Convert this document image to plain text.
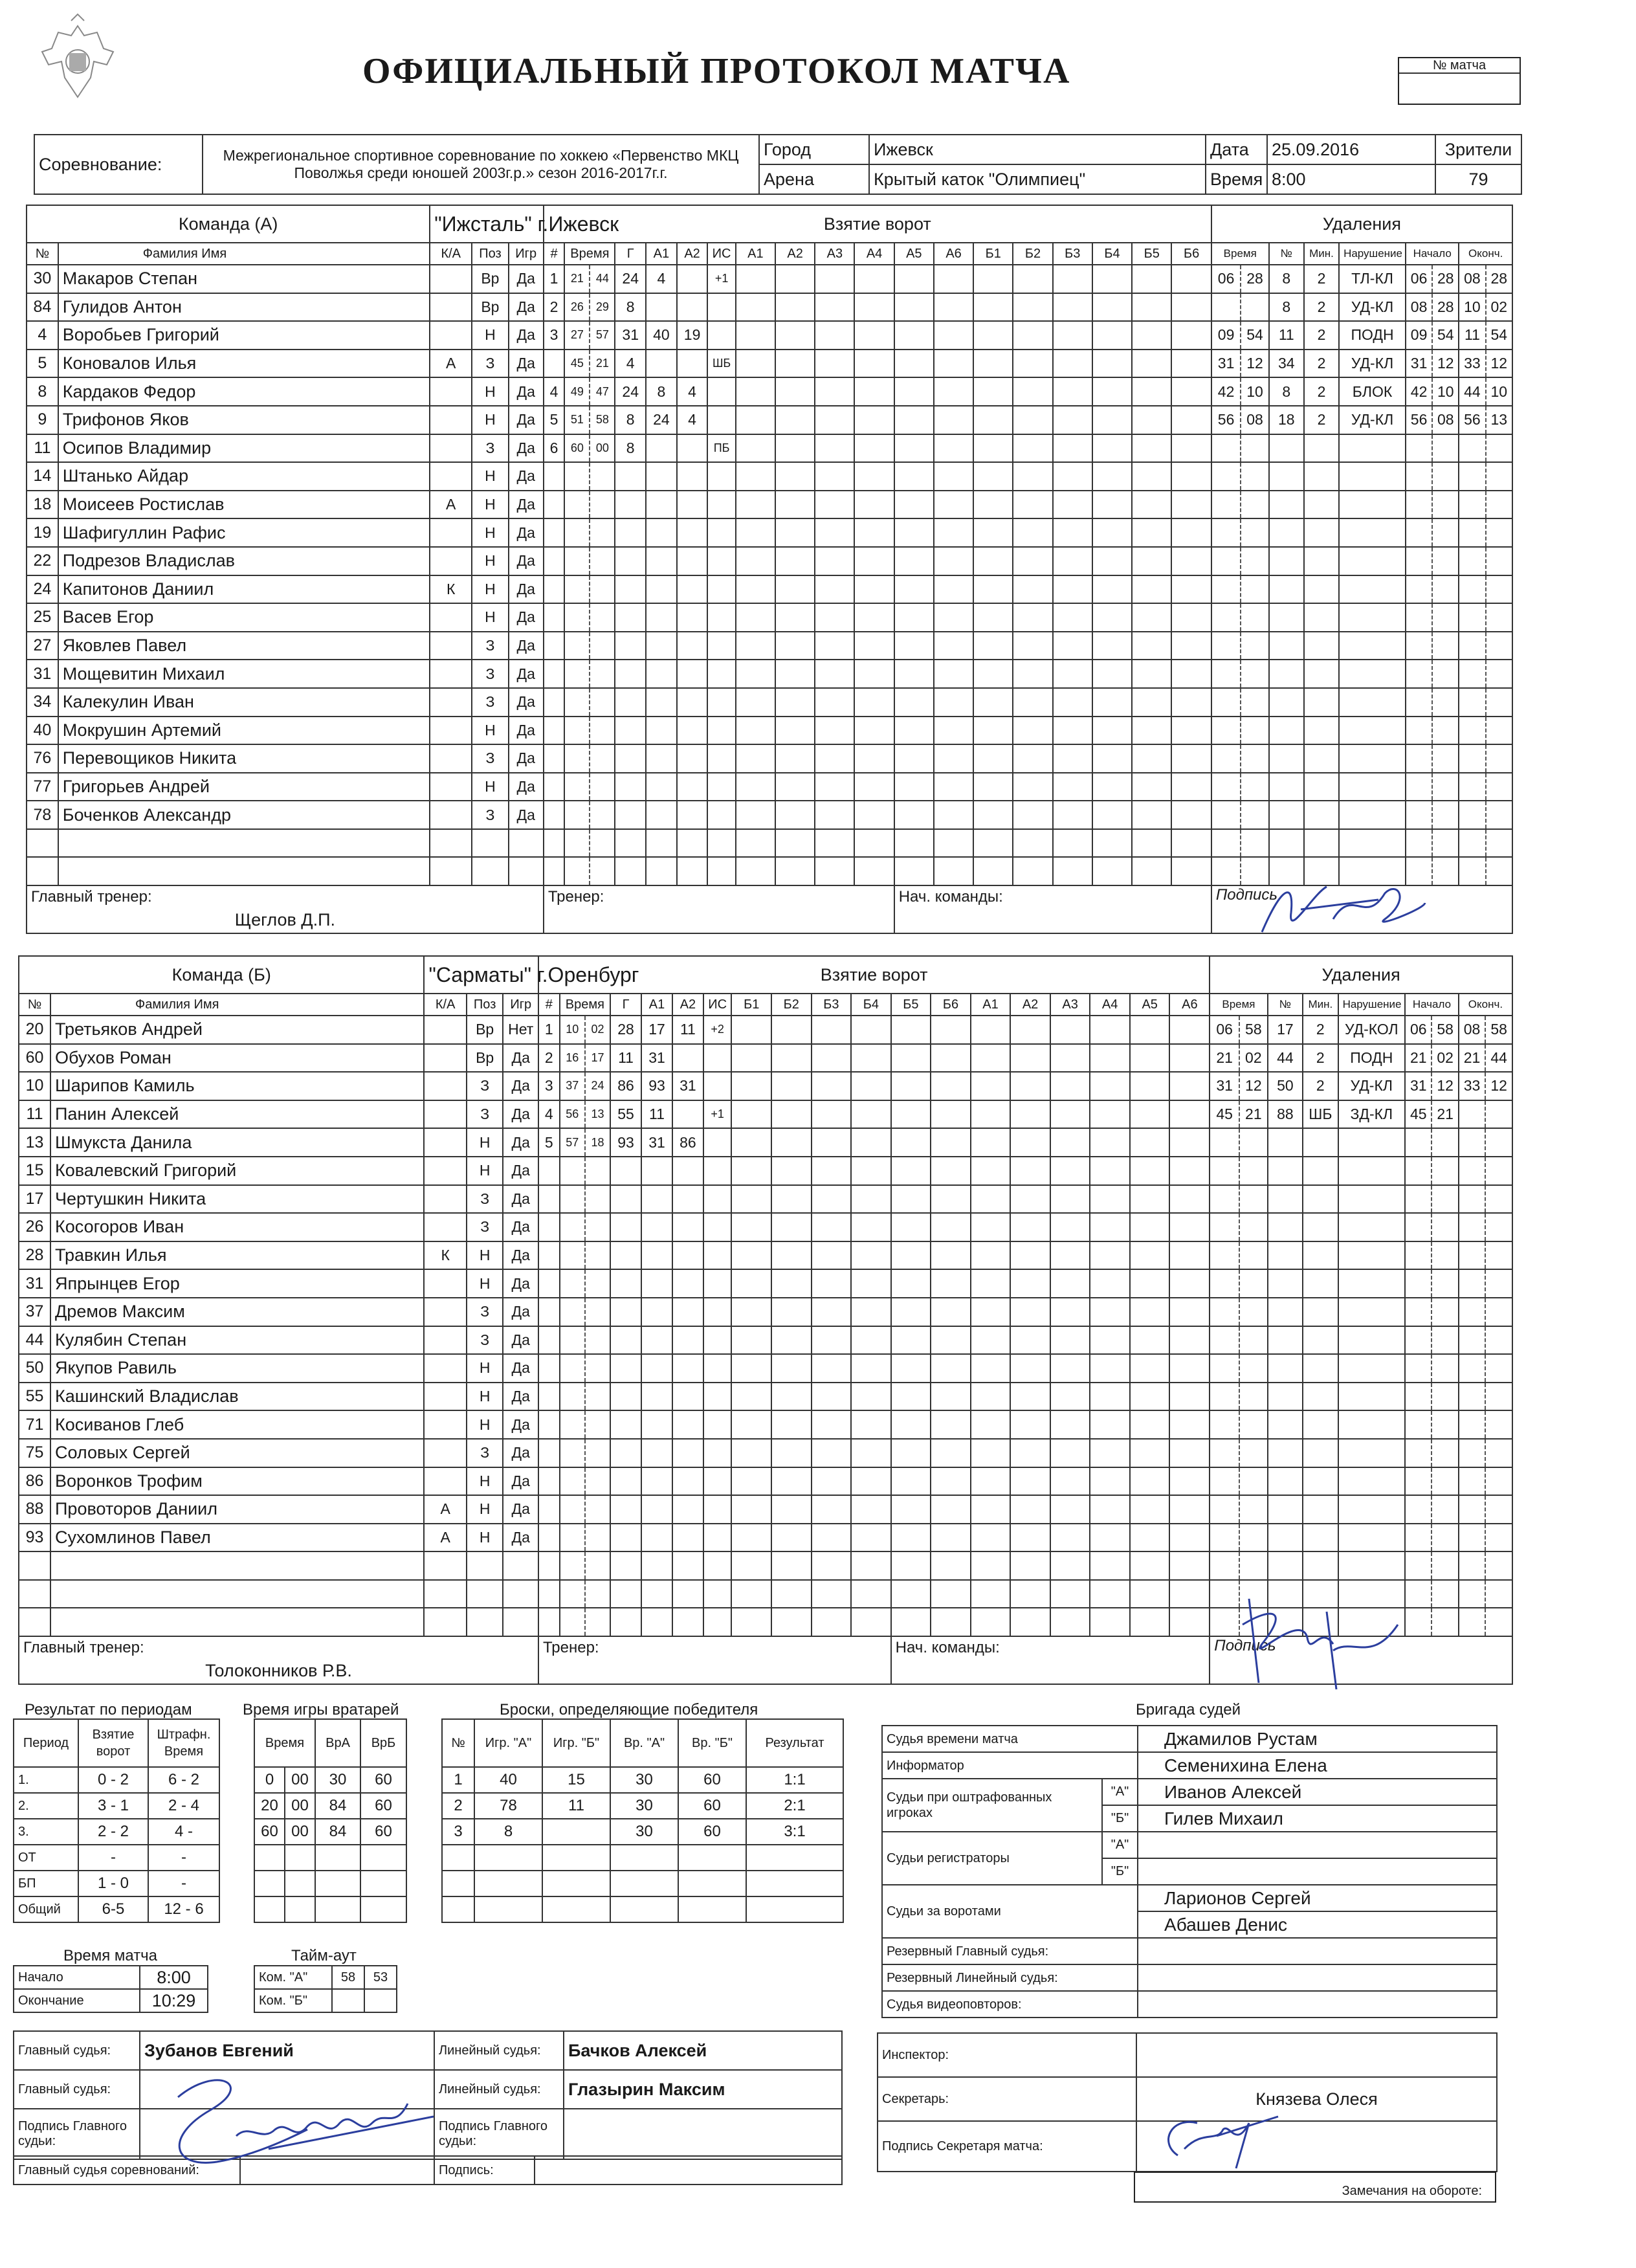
ОФИЦИАЛЬНЫЙ ПРОТОКОЛ МАТЧА	№ матча
Соревнование:	Межрегиональное спортивное соревнование по хоккею «Первенство МКЦ Поволжья среди юношей 2003г.р.» сезон 2016-2017г.г.	Город	Ижевск	Дата	25.09.2016	Зрители
		Арена	Крытый каток "Олимпиец"	Время	8:00	79
Команда (А)		"Ижсталь" г.Ижевск			Взятие ворот																			Удаления								
№	Фамилия Имя	К/А	Поз	Игр	#	Время		Г	А1	А2	ИС	А1	А2	А3	А4	А5	А6	Б1	Б2	Б3	Б4	Б5	Б6	Время		№	Мин.	Нарушение	Начало		Оконч.	
30	Макаров Степан		Вр	Да	1	21	44	24	4		+1													06	28	8	2	ТЛ-КЛ	06	28	08	28
84	Гулидов Антон		Вр	Да	2	26	29	8																		8	2	УД-КЛ	08	28	10	02
4	Воробьев Григорий		Н	Да	3	27	57	31	40	19														09	54	11	2	ПОДН	09	54	11	54
5	Коновалов Илья	А	З	Да		45	21	4			ШБ													31	12	34	2	УД-КЛ	31	12	33	12
8	Кардаков Федор		Н	Да	4	49	47	24	8	4														42	10	8	2	БЛОК	42	10	44	10
9	Трифонов Яков		Н	Да	5	51	58	8	24	4														56	08	18	2	УД-КЛ	56	08	56	13
11	Осипов Владимир		З	Да	6	60	00	8			ПБ																					
14	Штанько Айдар		Н	Да																												
18	Моисеев Ростислав	А	Н	Да																												
19	Шафигуллин Рафис		Н	Да																												
22	Подрезов Владислав		Н	Да																												
24	Капитонов Даниил	К	Н	Да																												
25	Васев Егор		Н	Да																												
27	Яковлев Павел		З	Да																												
31	Мощевитин Михаил		З	Да																												
34	Калекулин Иван		З	Да																												
40	Мокрушин Артемий		Н	Да																												
76	Перевощиков Никита		З	Да																												
77	Григорьев Андрей		Н	Да																												
78	Боченков Александр		З	Да																												

Главный тренер:					Тренер:											Нач. команды:								Подпись								
Щеглов Д.П.																																
Команда (Б)		"Сарматы" г.Оренбург			Взятие ворот																			Удаления								
№	Фамилия Имя	К/А	Поз	Игр	#	Время		Г	А1	А2	ИС	Б1	Б2	Б3	Б4	Б5	Б6	А1	А2	А3	А4	А5	А6	Время		№	Мин.	Нарушение	Начало		Оконч.	
20	Третьяков Андрей		Вр	Нет	1	10	02	28	17	11	+2													06	58	17	2	УД-КОЛ	06	58	08	58
60	Обухов Роман		Вр	Да	2	16	17	11	31															21	02	44	2	ПОДН	21	02	21	44
10	Шарипов Камиль		З	Да	3	37	24	86	93	31														31	12	50	2	УД-КЛ	31	12	33	12
11	Панин Алексей		З	Да	4	56	13	55	11		+1													45	21	88	ШБ	ЗД-КЛ	45	21		
13	Шмукста Данила		Н	Да	5	57	18	93	31	86																						
15	Ковалевский Григорий		Н	Да																												
17	Чертушкин Никита		З	Да																												
26	Косогоров Иван		З	Да																												
28	Травкин Илья	К	Н	Да																												
31	Япрынцев Егор		Н	Да																												
37	Дремов Максим		З	Да																												
44	Кулябин Степан		З	Да																												
50	Якупов Равиль		Н	Да																												
55	Кашинский Владислав		Н	Да																												
71	Косиванов Глеб		Н	Да																												
75	Соловых Сергей		З	Да																												
86	Воронков Трофим		Н	Да																												
88	Провоторов Даниил	А	Н	Да																												
93	Сухомлинов Павел	А	Н	Да																												

Главный тренер:					Тренер:											Нач. команды:								Подпись								
Толоконников Р.В.																																
Результат по периодам
Период	Взятие ворот	Штрафн. Время
1.	0 - 2	6 - 2
2.	3 - 1	2 - 4
3.	2 - 2	4 -
ОТ	-	-
БП	1 - 0	-
Общий	6-5	12 - 6
Время игры вратарей
Время		ВрА	ВрБ
0	00	30	60
20	00	84	60
60	00	84	60

Броски, определяющие победителя
№	Игр. "А"	Игр. "Б"	Вр. "А"	Вр. "Б"	Результат
1	40	15	30	60	1:1
2	78	11	30	60	2:1
3	8		30	60	3:1

Время матча
Начало	8:00
Окончание	10:29
Тайм-аут
Ком. "А"	58	53
Ком. "Б"		
Бригада судей
Судья времени матча		Джамилов Рустам
Информатор		Семенихина Елена
Судьи при оштрафованных игроках	"А"	Иванов Алексей
	"Б"	Гилев Михаил
Судьи регистраторы	"А"	
	"Б"	
Судьи за воротами		Ларионов Сергей
		Абашев Денис
Резервный Главный судья:		
Резервный Линейный судья:		
Судья видеоповторов:		
Главный судья:	Зубанов Евгений	Линейный судья:	Бачков Алексей
Главный судья:		Линейный судья:	Глазырин Максим
Подпись Главного судьи:		Подпись Главного судьи:	
Главный судья соревнований:		Подпись:	
Инспектор:	
Секретарь:	Князева Олеся
Подпись Секретаря матча:	
Замечания на обороте:
